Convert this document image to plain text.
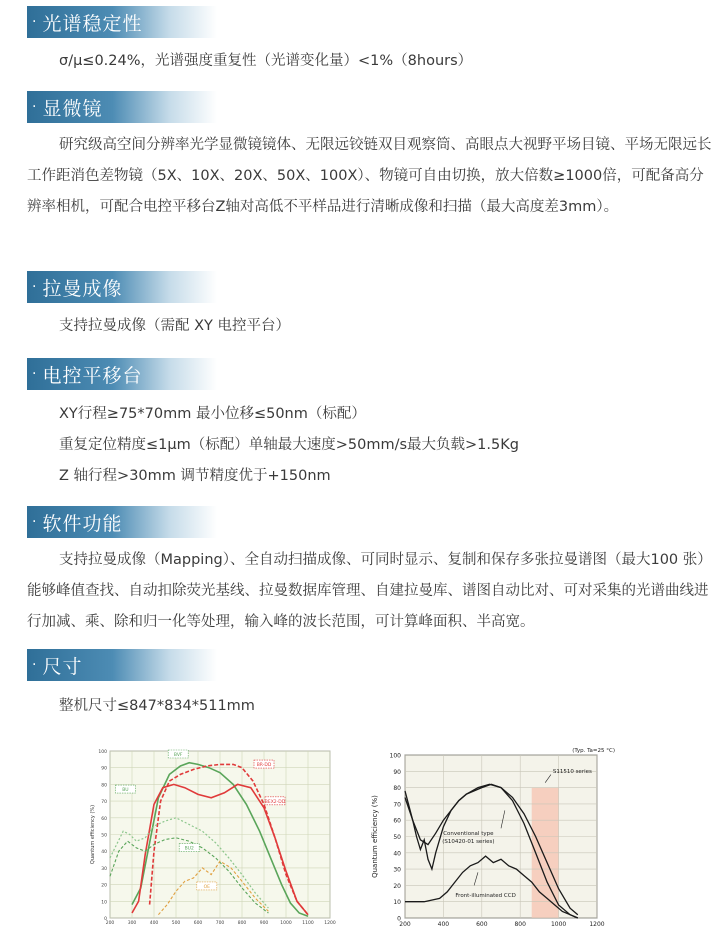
· 光谱稳定性
σ/μ≤0.24%，光谱强度重复性（光谱变化量）<1%（8hours）
· 显微镜
研究级高空间分辨率光学显微镜镜体、无限远铰链双目观察筒、高眼点大视野平场目镜、平场无限远长工作距消色差物镜（5X、10X、20X、50X、100X）、物镜可自由切换，放大倍数≥1000倍，可配备高分辨率相机，可配合电控平移台Z轴对高低不平样品进行清晰成像和扫描（最大高度差3mm）。
· 拉曼成像
支持拉曼成像（需配 XY 电控平台）
· 电控平移台
XY行程≥75*70mm 最小位移≤50nm（标配）
重复定位精度≤1μm（标配）单轴最大速度>50mm/s最大负载>1.5Kg
Z 轴行程>30mm 调节精度优于+150nm
· 软件功能
支持拉曼成像（Mapping）、全自动扫描成像、可同时显示、复制和保存多张拉曼谱图（最大100 张）能够峰值查找、自动扣除荧光基线、拉曼数据库管理、自建拉曼库、谱图自动比对、可对采集的光谱曲线进行加减、乘、除和归一化等处理，输入峰的波长范围，可计算峰面积、半高宽。
· 尺寸
整机尺寸≤847*834*511mm
100
90
80
70
60
50
40
30
20
10
0
200	300	400	500	600	700	800	900	1000 1100 1200
Quantum efficiency (%)
BVF
BU
BR-DD
BEX2-DD
BU2
OE
100
90
80
70
60
50
40
30
20
10
0
200	400	600	800	1000	1200
Quantum efficiency (%)
(Typ. Ta=25 °C)
S11510 series
Conventional type
(S10420-01 series)
Front-illuminated CCD
